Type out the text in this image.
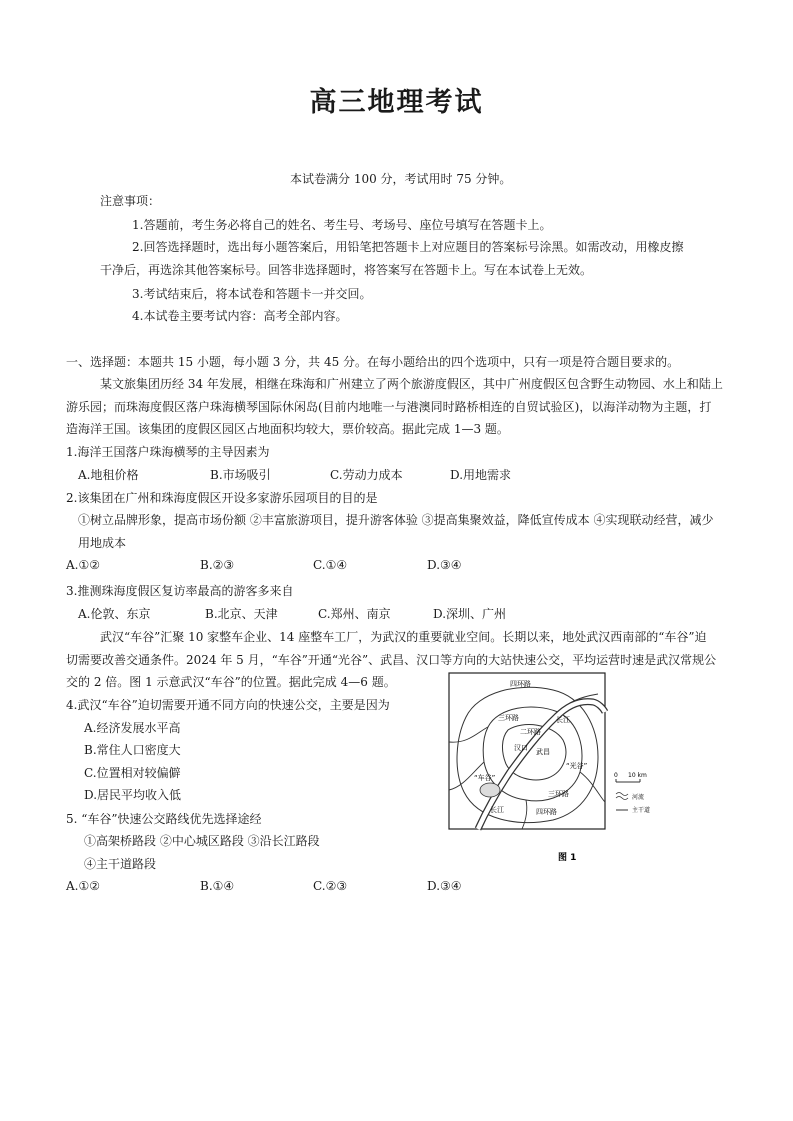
高三地理考试
本试卷满分 100 分，考试用时 75 分钟。
注意事项：
1.答题前，考生务必将自己的姓名、考生号、考场号、座位号填写在答题卡上。
2.回答选择题时，选出每小题答案后，用铅笔把答题卡上对应题目的答案标号涂黑。如需改动，用橡皮擦
干净后，再选涂其他答案标号。回答非选择题时，将答案写在答题卡上。写在本试卷上无效。
3.考试结束后，将本试卷和答题卡一并交回。
4.本试卷主要考试内容：高考全部内容。
一、选择题：本题共 15 小题，每小题 3 分，共 45 分。在每小题给出的四个选项中，只有一项是符合题目要求的。
某文旅集团历经 34 年发展，相继在珠海和广州建立了两个旅游度假区，其中广州度假区包含野生动物园、水上和陆上
游乐园；而珠海度假区落户珠海横琴国际休闲岛(目前内地唯一与港澳同时路桥相连的自贸试验区)，以海洋动物为主题，打
造海洋王国。该集团的度假区园区占地面积均较大，票价较高。据此完成 1—3 题。
1.海洋王国落户珠海横琴的主导因素为
A.地租价格	B.市场吸引	C.劳动力成本	D.用地需求
2.该集团在广州和珠海度假区开设多家游乐园项目的目的是
①树立品牌形象，提高市场份额 ②丰富旅游项目，提升游客体验 ③提高集聚效益，降低宣传成本 ④实现联动经营，减少
用地成本
A.①②	B.②③	C.①④	D.③④
3.推测珠海度假区复访率最高的游客多来自
A.伦敦、东京	B.北京、天津	C.郑州、南京	D.深圳、广州
武汉“车谷”汇聚 10 家整车企业、14 座整车工厂，为武汉的重要就业空间。长期以来，地处武汉西南部的“车谷”迫
切需要改善交通条件。2024 年 5 月，“车谷”开通“光谷”、武昌、汉口等方向的大站快速公交，平均运营时速是武汉常规公
交的 2 倍。图 1 示意武汉“车谷”的位置。据此完成 4—6 题。
4.武汉“车谷”迫切需要开通不同方向的快速公交，主要是因为
A.经济发展水平高
B.常住人口密度大
C.位置相对较偏僻
D.居民平均收入低
5. “车谷”快速公交路线优先选择途经
①高架桥路段 ②中心城区路段 ③沿长江路段
④主干道路段
A.①②	B.①④	C.②③	D.③④
四环路
三环路
二环路
长江
汉口 武昌
“光谷”
“车谷”
三环路
四环路
长江
0 10 km
河流
主干道
图 1
